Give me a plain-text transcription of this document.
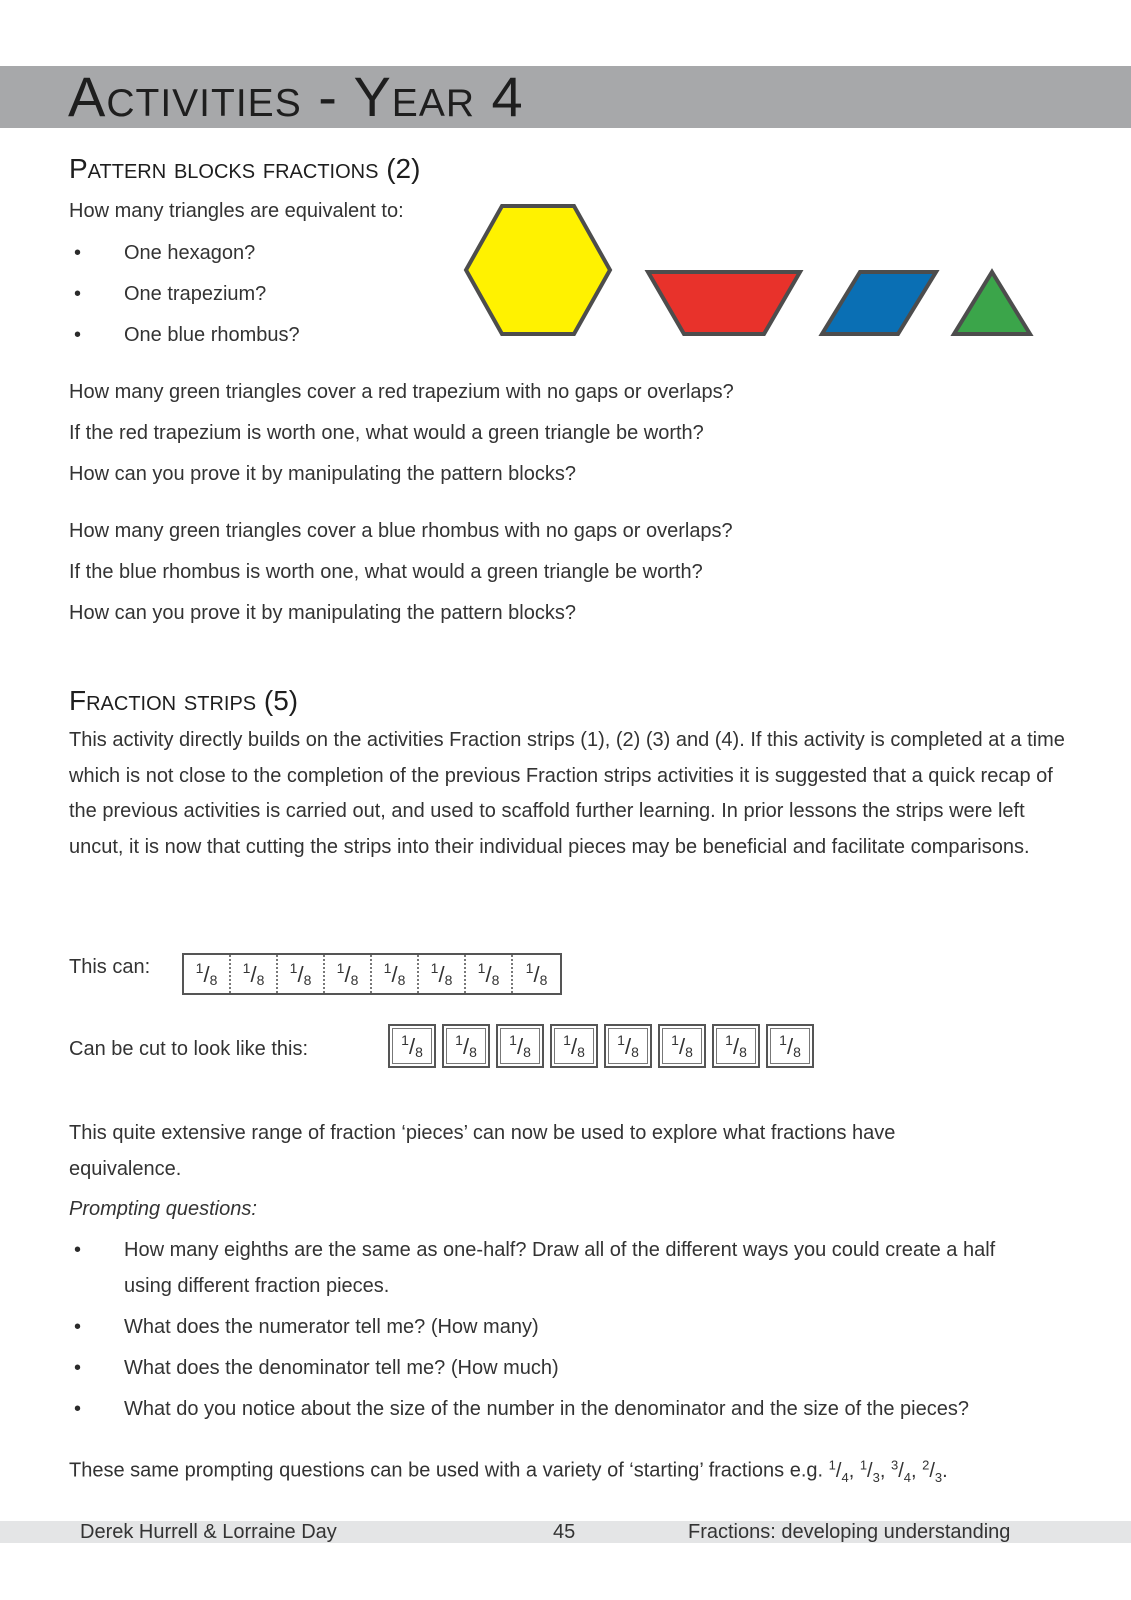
Activities - Year 4
Pattern blocks fractions (2)

How many triangles are equivalent to:

• One hexagon?
• One trapezium?
• One blue rhombus?

How many green triangles cover a red trapezium with no gaps or overlaps?

If the red trapezium is worth one, what would a green triangle be worth?

How can you prove it by manipulating the pattern blocks?

How many green triangles cover a blue rhombus with no gaps or overlaps?

If the blue rhombus is worth one, what would a green triangle be worth?

How can you prove it by manipulating the pattern blocks?

Fraction strips (5)

This activity directly builds on the activities Fraction strips (1), (2) (3) and (4). If this activity is completed at a time which is not close to the completion of the previous Fraction strips activities it is suggested that a quick recap of the previous activities is carried out, and used to scaffold further learning. In prior lessons the strips were left uncut, it is now that cutting the strips into their individual pieces may be beneficial and facilitate comparisons.

This can:	$^1/_8$
$^1/_8$
$^1/_8$
$^1/_8$
$^1/_8$
$^1/_8$
$^1/_8$
$^1/_8$

Can be cut to look like this:	$^1/_8$
$^1/_8$
$^1/_8$
$^1/_8$
$^1/_8$
$^1/_8$
$^1/_8$
$^1/_8$

This quite extensive range of fraction ‘pieces’ can now be used to explore what fractions have equivalence.

Prompting questions:

• How many eighths are the same as one-half? Draw all of the different ways you could create a half
using different fraction pieces.
• What does the numerator tell me? (How many)
• What does the denominator tell me? (How much)
• What do you notice about the size of the number in the denominator and the size of the pieces?

These same prompting questions can be used with a variety of ‘starting’ fractions e.g. $^1/_4$, $^1/_3$, $^3/_4$, $^2/_3$.

Derek Hurrell & Lorraine Day	45	Fractions: developing understanding
